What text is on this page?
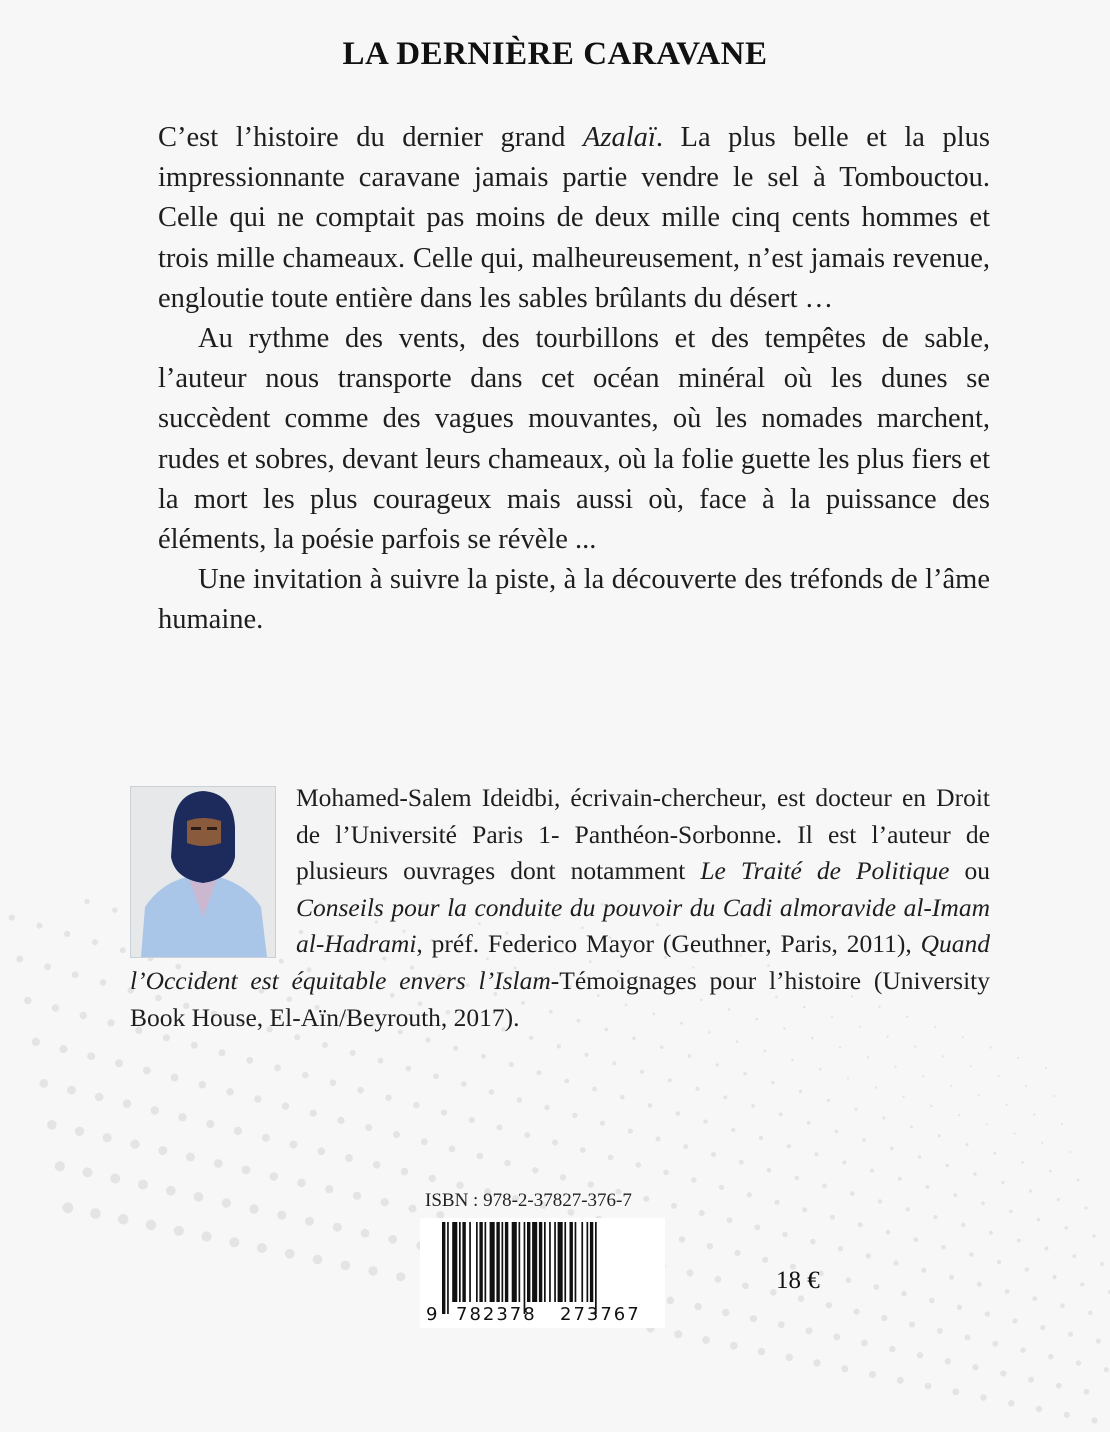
LA DERNIÈRE CARAVANE

C’est l’histoire du dernier grand Azalaï. La plus belle et la plus impressionnante caravane jamais partie vendre le sel à Tombouctou. Celle qui ne comptait pas moins de deux mille cinq cents hommes et trois mille chameaux. Celle qui, malheureusement, n’est jamais revenue, engloutie toute entière dans les sables brûlants du désert …

Au rythme des vents, des tourbillons et des tempêtes de sable, l’auteur nous transporte dans cet océan minéral où les dunes se succèdent comme des vagues mouvantes, où les nomades marchent, rudes et sobres, devant leurs chameaux, où la folie guette les plus fiers et la mort les plus courageux mais aussi où, face à la puissance des éléments, la poésie parfois se révèle ...

Une invitation à suivre la piste, à la découverte des tréfonds de l’âme humaine.

Mohamed-Salem Ideidbi, écrivain-chercheur, est docteur en Droit de l’Université Paris 1- Panthéon-Sorbonne. Il est l’auteur de plusieurs ouvrages dont notamment Le Traité de Politique ou Conseils pour la conduite du pouvoir du Cadi almoravide al-Imam al-Hadrami, préf. Federico Mayor (Geuthner, Paris, 2011), Quand l’Occident est équitable envers l’Islam-Témoignages pour l’histoire (University Book House, El-Aïn/Beyrouth, 2017).
ISBN : 978-2-37827-376-7
9 782378 273767
18 €
